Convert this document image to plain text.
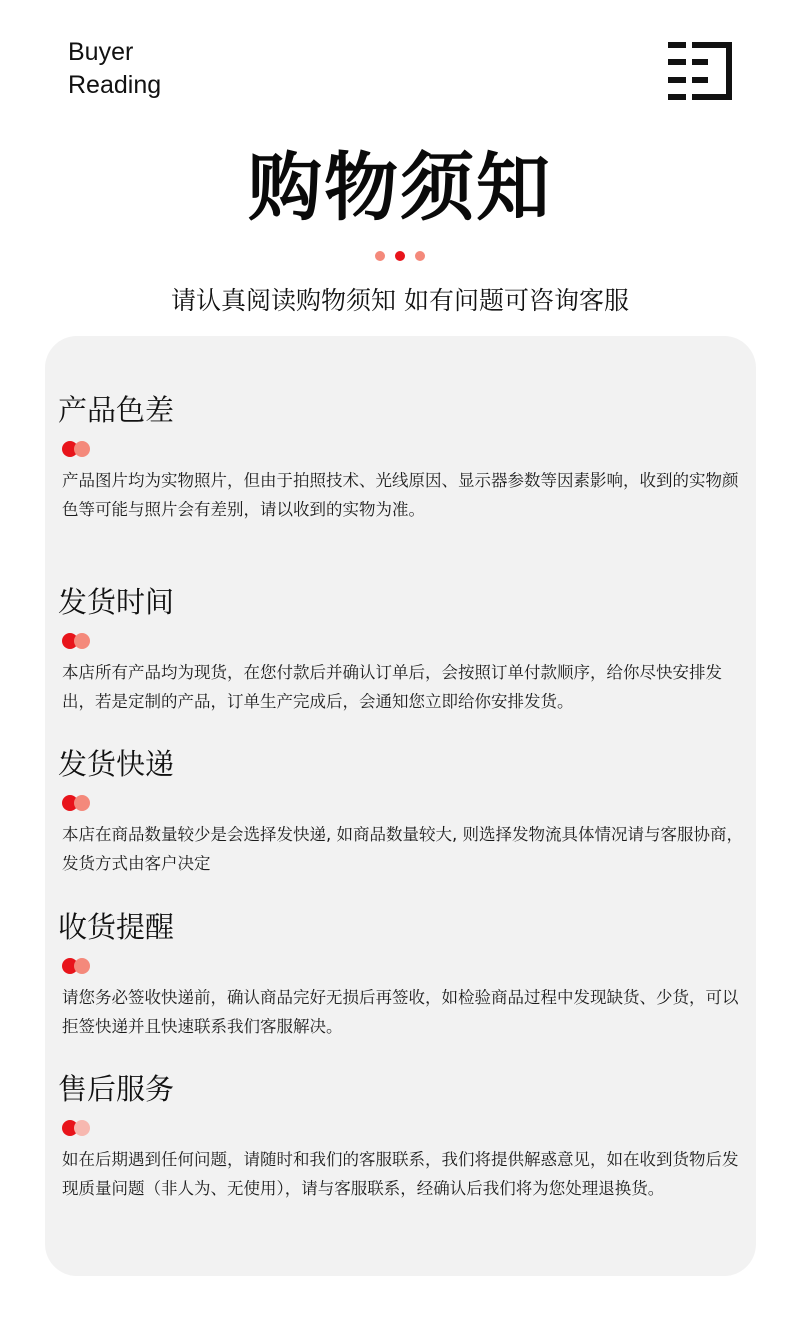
Buyer
Reading
购物须知
请认真阅读购物须知 如有问题可咨询客服
产品色差

产品图片均为实物照片，但由于拍照技术、光线原因、显示器参数等因素影响，收到的实物颜色等可能与照片会有差别，请以收到的实物为准。

发货时间

本店所有产品均为现货，在您付款后并确认订单后，会按照订单付款顺序，给你尽快安排发出，若是定制的产品，订单生产完成后，会通知您立即给你安排发货。

发货快递

本店在商品数量较少是会选择发快递, 如商品数量较大, 则选择发物流具体情况请与客服协商，发货方式由客户决定

收货提醒

请您务必签收快递前，确认商品完好无损后再签收，如检验商品过程中发现缺货、少货，可以拒签快递并且快速联系我们客服解决。

售后服务

如在后期遇到任何问题，请随时和我们的客服联系，我们将提供解惑意见，如在收到货物后发现质量问题（非人为、无使用），请与客服联系，经确认后我们将为您处理退换货。
